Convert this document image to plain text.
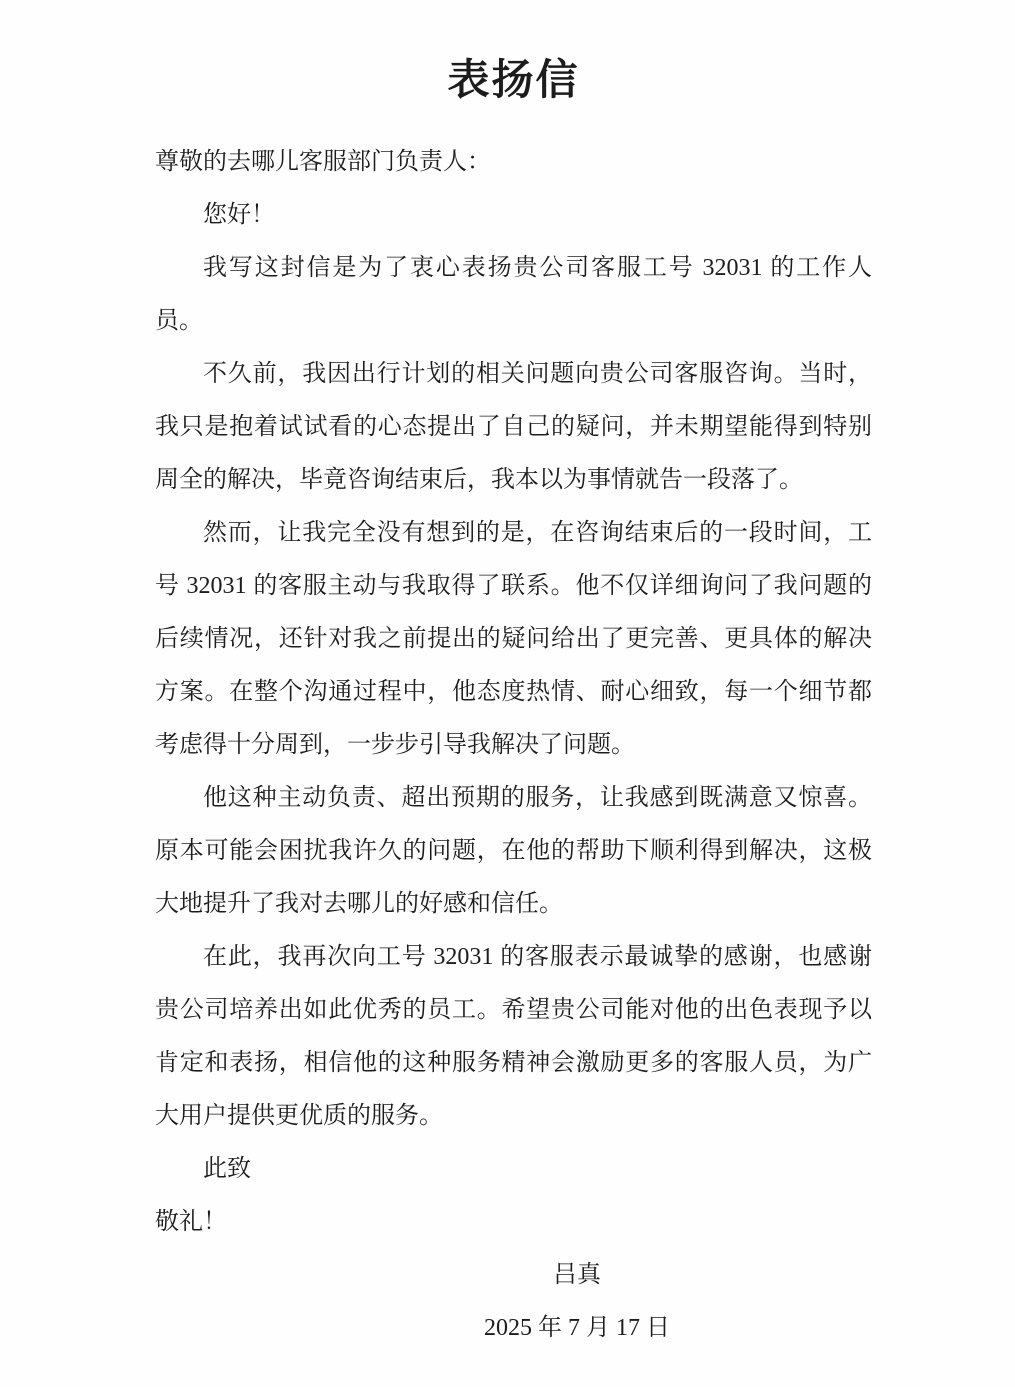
表扬信

尊敬的去哪儿客服部门负责人：

您好！

我写这封信是为了衷心表扬贵公司客服工号 32031 的工作人员。

不久前，我因出行计划的相关问题向贵公司客服咨询。当时，我只是抱着试试看的心态提出了自己的疑问，并未期望能得到特别周全的解决，毕竟咨询结束后，我本以为事情就告一段落了。

然而，让我完全没有想到的是，在咨询结束后的一段时间，工号 32031 的客服主动与我取得了联系。他不仅详细询问了我问题的后续情况，还针对我之前提出的疑问给出了更完善、更具体的解决方案。在整个沟通过程中，他态度热情、耐心细致，每一个细节都考虑得十分周到，一步步引导我解决了问题。

他这种主动负责、超出预期的服务，让我感到既满意又惊喜。原本可能会困扰我许久的问题，在他的帮助下顺利得到解决，这极大地提升了我对去哪儿的好感和信任。

在此，我再次向工号 32031 的客服表示最诚挚的感谢，也感谢贵公司培养出如此优秀的员工。希望贵公司能对他的出色表现予以肯定和表扬，相信他的这种服务精神会激励更多的客服人员，为广大用户提供更优质的服务。

此致

敬礼！

吕真

2025 年 7 月 17 日
